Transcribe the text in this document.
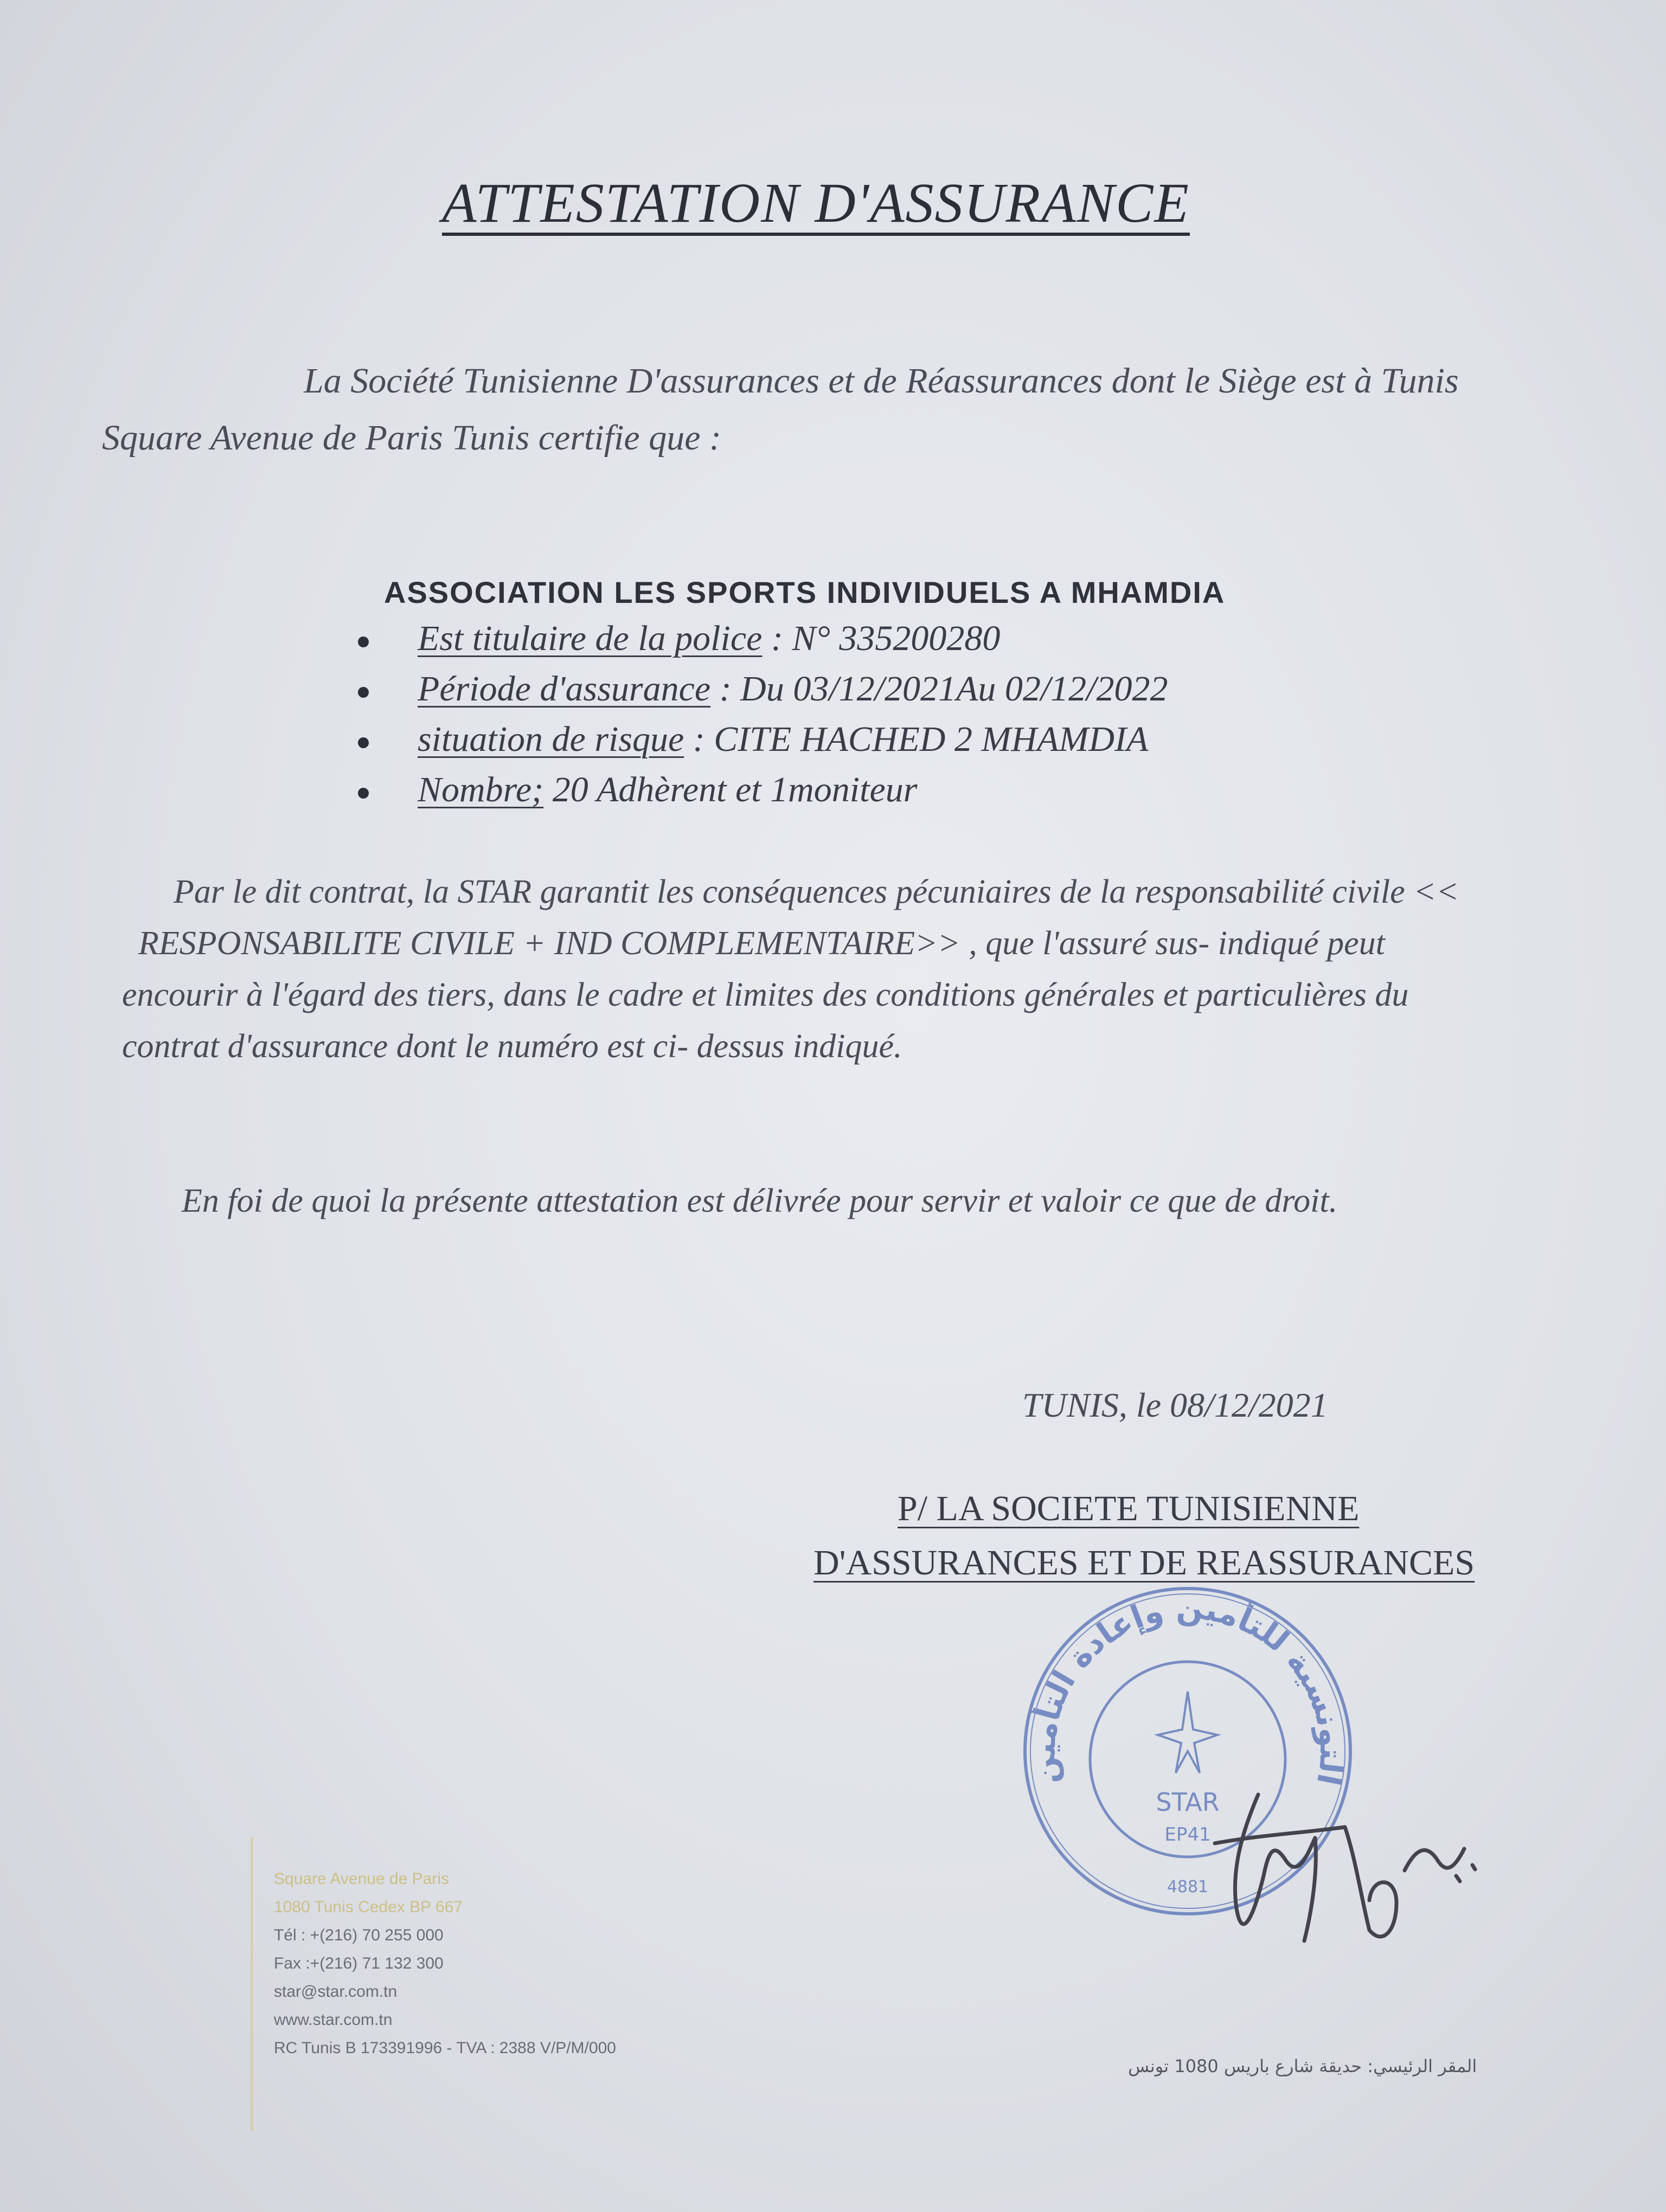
ATTESTATION D'ASSURANCE
La Société Tunisienne D'assurances et de Réassurances dont le Siège est à Tunis
Square Avenue de Paris Tunis certifie que :
ASSOCIATION LES SPORTS INDIVIDUELS A MHAMDIA
Est titulaire de la police : N° 335200280
Période d'assurance : Du 03/12/2021Au 02/12/2022
situation de risque : CITE HACHED 2 MHAMDIA
Nombre; 20 Adhèrent et 1moniteur
Par le dit contrat, la STAR garantit les conséquences pécuniaires de la responsabilité civile <<
RESPONSABILITE CIVILE + IND COMPLEMENTAIRE>> , que l'assuré sus- indiqué peut
encourir à l'égard des tiers, dans le cadre et limites des conditions générales et particulières du
contrat d'assurance dont le numéro est ci- dessus indiqué.
En foi de quoi la présente attestation est délivrée pour servir et valoir ce que de droit.
TUNIS, le 08/12/2021
P/ LA SOCIETE TUNISIENNE
D'ASSURANCES ET DE REASSURANCES
التونسية للتأمين وإعادة التأمين
STAR
EP41
4881
Square Avenue de Paris
1080 Tunis Cedex BP 667
Tél : +(216) 70 255 000
Fax :+(216) 71 132 300
star@star.com.tn
www.star.com.tn
RC Tunis B 173391996 - TVA : 2388 V/P/M/000
المقر الرئيسي: حديقة شارع باريس 1080 تونس
